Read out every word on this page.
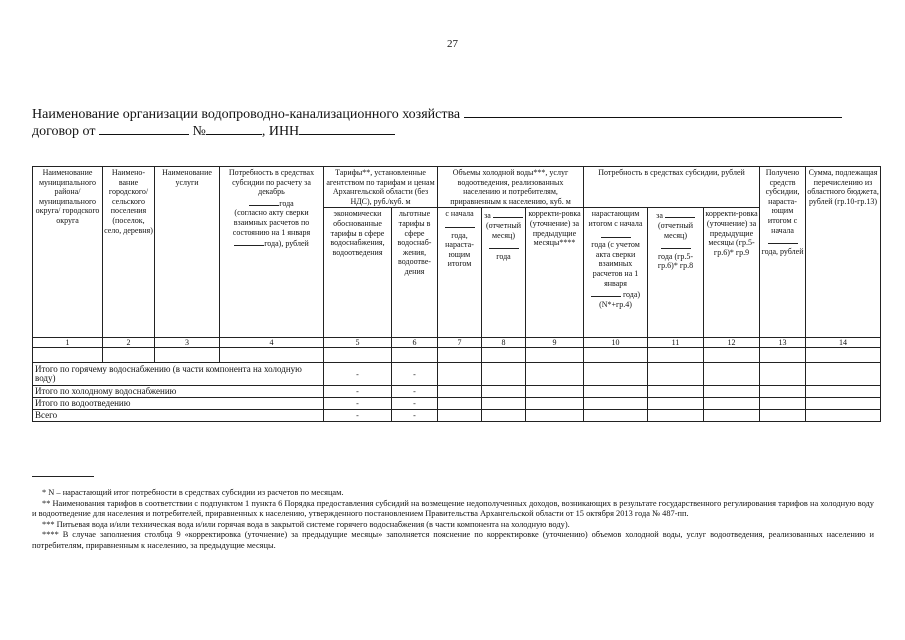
27
Наименование организации водопроводно-канализационного хозяйства
договор от	№	, ИНН
Наименование муниципального района/ муниципального округа/ городского округа	Наимено-вание городского/ сельского поселения (поселок, село, деревня)	Наименование услуги	Потребность в средствах субсидии по расчету за декабрь
года
(согласно акту сверки взаимных расчетов по состоянию на 1 января
года), рублей	Тарифы**, установленные агентством по тарифам и ценам Архангельской области (без НДС), руб./куб. м		Объемы холодной воды***, услуг водоотведения, реализованных населению и потребителям, приравненным к населению, куб. м			Потребность в средствах субсидии, рублей			Получено средств субсидии, нараста-ющим итогом с начала
года, рублей	Сумма, подлежащая перечислению из областного бюджета, рублей (гр.10-гр.13)
				экономически обоснованные тарифы в сфере водоснабжения, водоотведения	льготные тарифы в сфере водоснаб-жения, водоотве-дения	с начала
года, нараста-ющим итогом	за
(отчетный месяц)
года	корректи-ровка (уточнение) за предыдущие месяцы****	нарастающим итогом с начала
года (с учетом акта сверки взаимных расчетов на 1 января
года)
(N*+гр.4)	за
(отчетный месяц)
года (гр.5-гр.6)* гр.8	корректи-ровка (уточнение) за предыдущие месяцы (гр.5-гр.6)* гр.9		
1	2	3	4	5	6	7	8	9	10	11	12	13	14

Итого по горячему водоснабжению (в части компонента на холодную воду)				-	-								
Итого по холодному водоснабжению				-	-								
Итого по водоотведению				-	-								
Всего				-	-								

* N – нарастающий итог потребности в средствах субсидии из расчетов по месяцам.

** Наименования тарифов в соответствии с подпунктом 1 пункта 6 Порядка предоставления субсидий на возмещение недополученных доходов, возникающих в результате государственного регулирования тарифов на холодную воду и водоотведение для населения и потребителей, приравненных к населению, утвержденного постановлением Правительства Архангельской области от 15 октября 2013 года № 487-пп.

*** Питьевая вода и/или техническая вода и/или горячая вода в закрытой системе горячего водоснабжения (в части компонента на холодную воду).

**** В случае заполнения столбца 9 «корректировка (уточнение) за предыдущие месяцы» заполняется пояснение по корректировке (уточнению) объемов холодной воды, услуг водоотведения, реализованных населению и потребителям, приравненным к населению, за предыдущие месяцы.
